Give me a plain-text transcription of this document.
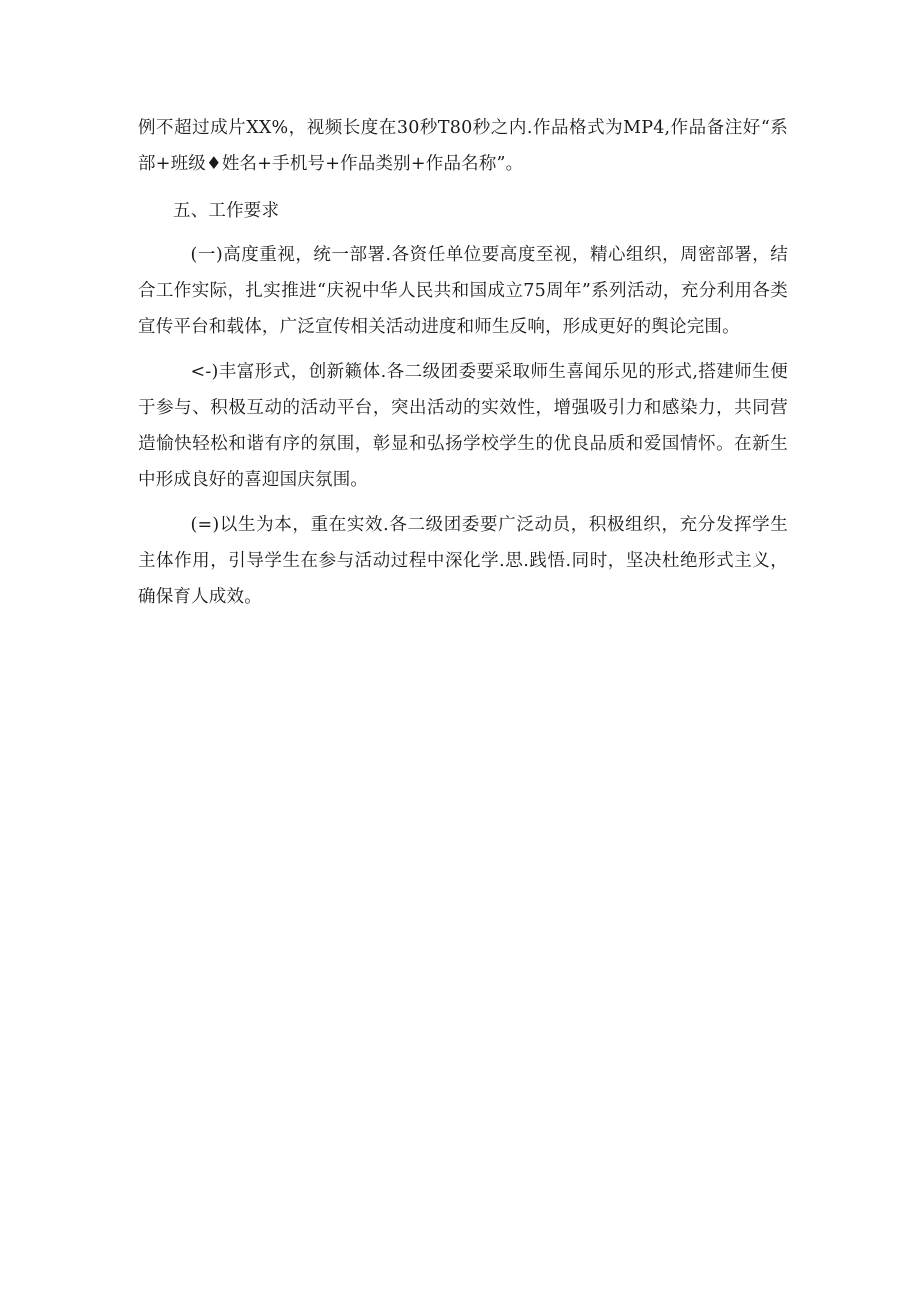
例不超过成片XX%，视频长度在30秒T80秒之内.作品格式为MP4,作品备注好“系部+班级♦姓名+手机号+作品类别+作品名称”。

五、工作要求

(一)高度重视，统一部署.各资任单位要高度至视，精心组织，周密部署，结合工作实际，扎实推进“庆祝中华人民共和国成立75周年”系列活动，充分利用各类宣传平台和载体，广泛宣传相关活动进度和师生反响，形成更好的舆论完围。

<-)丰富形式，创新籁体.各二级团委要采取师生喜闻乐见的形式,搭建师生便于参与、积极互动的活动平台，突出活动的实效性，增强吸引力和感染力，共同营造愉快轻松和谐有序的氛围，彰显和弘扬学校学生的优良品质和爱国情怀。在新生中形成良好的喜迎国庆氛围。

(=)以生为本，重在实效.各二级团委要广泛动员，积极组织，充分发挥学生主体作用，引导学生在参与活动过程中深化学.思.践悟.同时，坚决杜绝形式主义，确保育人成效。
